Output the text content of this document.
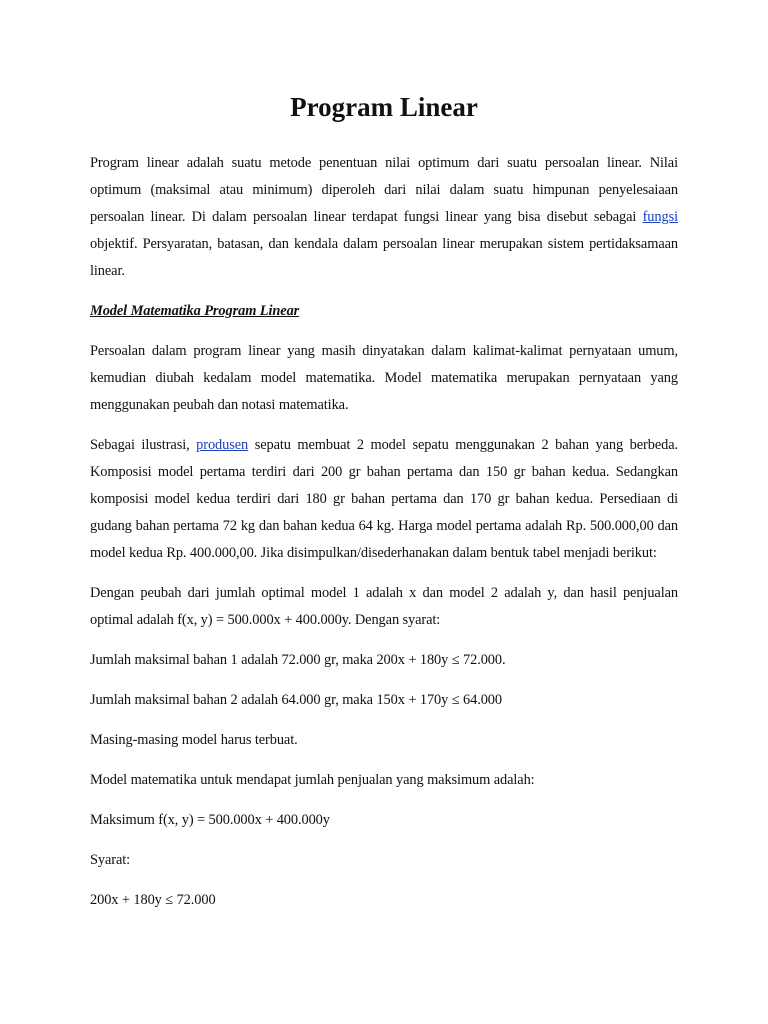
Program Linear

Program linear adalah suatu metode penentuan nilai optimum dari suatu persoalan linear. Nilai optimum (maksimal atau minimum) diperoleh dari nilai dalam suatu himpunan penyelesaiaan persoalan linear. Di dalam persoalan linear terdapat fungsi linear yang bisa disebut sebagai fungsi objektif. Persyaratan, batasan, dan kendala dalam persoalan linear merupakan sistem pertidaksamaan linear.

Model Matematika Program Linear

Persoalan dalam program linear yang masih dinyatakan dalam kalimat-kalimat pernyataan umum, kemudian diubah kedalam model matematika. Model matematika merupakan pernyataan yang menggunakan peubah dan notasi matematika.

Sebagai ilustrasi, produsen sepatu membuat 2 model sepatu menggunakan 2 bahan yang berbeda. Komposisi model pertama terdiri dari 200 gr bahan pertama dan 150 gr bahan kedua. Sedangkan komposisi model kedua terdiri dari 180 gr bahan pertama dan 170 gr bahan kedua. Persediaan di gudang bahan pertama 72 kg dan bahan kedua 64 kg. Harga model pertama adalah Rp. 500.000,00 dan model kedua Rp. 400.000,00. Jika disimpulkan/disederhanakan dalam bentuk tabel menjadi berikut:

Dengan peubah dari jumlah optimal model 1 adalah x dan model 2 adalah y, dan hasil penjualan optimal adalah f(x, y) = 500.000x + 400.000y. Dengan syarat:

Jumlah maksimal bahan 1 adalah 72.000 gr, maka 200x + 180y ≤ 72.000.

Jumlah maksimal bahan 2 adalah 64.000 gr, maka 150x + 170y ≤ 64.000

Masing-masing model harus terbuat.

Model matematika untuk mendapat jumlah penjualan yang maksimum adalah:

Maksimum f(x, y) = 500.000x + 400.000y

Syarat:

200x + 180y ≤ 72.000
